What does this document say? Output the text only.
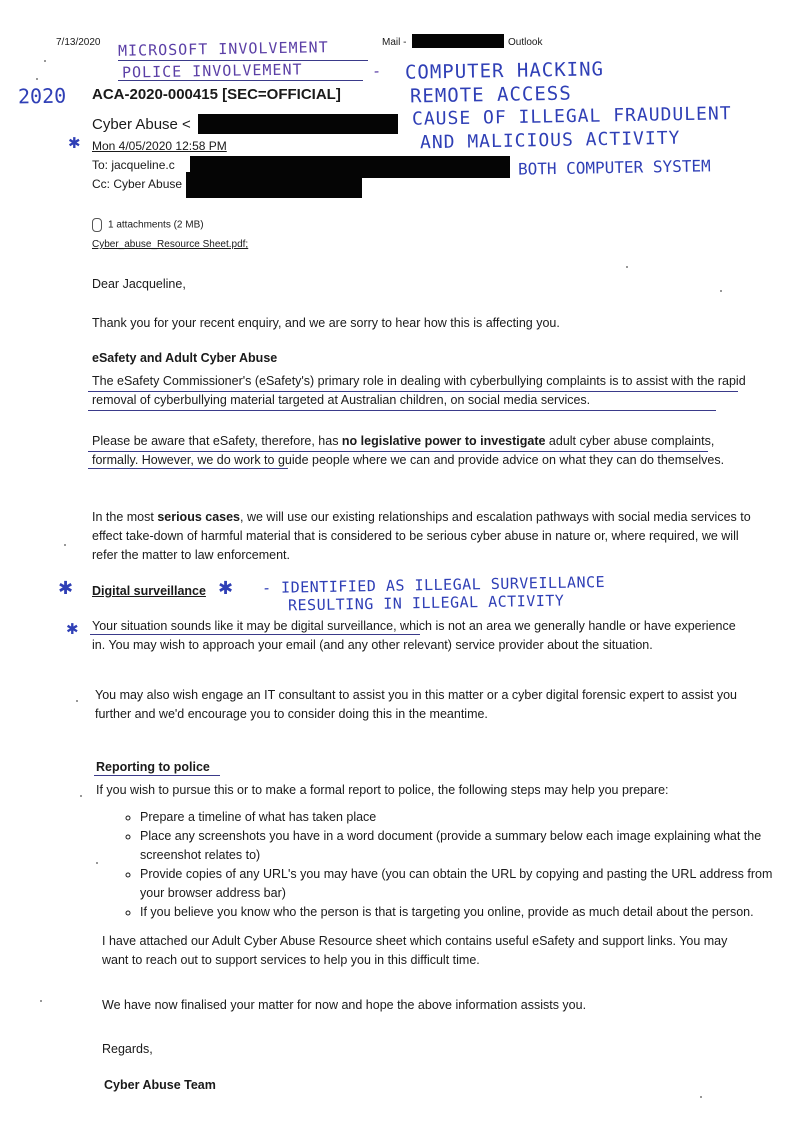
7/13/2020	Mail -	Outlook
MICROSOFT INVOLVEMENT
POLICE INVOLVEMENT	- COMPUTER HACKING
REMOTE ACCESS
CAUSE OF ILLEGAL FRAUDULENT
AND MALICIOUS ACTIVITY
BOTH COMPUTER SYSTEM
2020 ACA-2020-000415 [SEC=OFFICIAL]
Cyber Abuse <
✱ Mon 4/05/2020 12:58 PM
To: jacqueline.c
Cc: Cyber Abuse
1 attachments (2 MB)
Cyber_abuse_Resource Sheet.pdf;
Dear Jacqueline,
Thank you for your recent enquiry, and we are sorry to hear how this is affecting you.
eSafety and Adult Cyber Abuse
The eSafety Commissioner's (eSafety's) primary role in dealing with cyberbullying complaints is to assist with the rapid removal of cyberbullying material targeted at Australian children, on social media services.
Please be aware that eSafety, therefore, has no legislative power to investigate adult cyber abuse complaints, formally. However, we do work to guide people where we can and provide advice on what they can do themselves.
In the most serious cases, we will use our existing relationships and escalation pathways with social media services to effect take-down of harmful material that is considered to be serious cyber abuse in nature or, where required, we will refer the matter to law enforcement.
✱ Digital surveillance ✱ - IDENTIFIED AS ILLEGAL SURVEILLANCE
RESULTING IN ILLEGAL ACTIVITY
✱ Your situation sounds like it may be digital surveillance, which is not an area we generally handle or have experience in. You may wish to approach your email (and any other relevant) service provider about the situation.
You may also wish engage an IT consultant to assist you in this matter or a cyber digital forensic expert to assist you further and we'd encourage you to consider doing this in the meantime.
Reporting to police
If you wish to pursue this or to make a formal report to police, the following steps may help you prepare:
◦ Prepare a timeline of what has taken place
◦ Place any screenshots you have in a word document (provide a summary below each image explaining what the screenshot relates to)
◦ Provide copies of any URL's you may have (you can obtain the URL by copying and pasting the URL address from your browser address bar)
◦ If you believe you know who the person is that is targeting you online, provide as much detail about the person.
I have attached our Adult Cyber Abuse Resource sheet which contains useful eSafety and support links. You may want to reach out to support services to help you in this difficult time.
We have now finalised your matter for now and hope the above information assists you.
Regards,
Cyber Abuse Team
